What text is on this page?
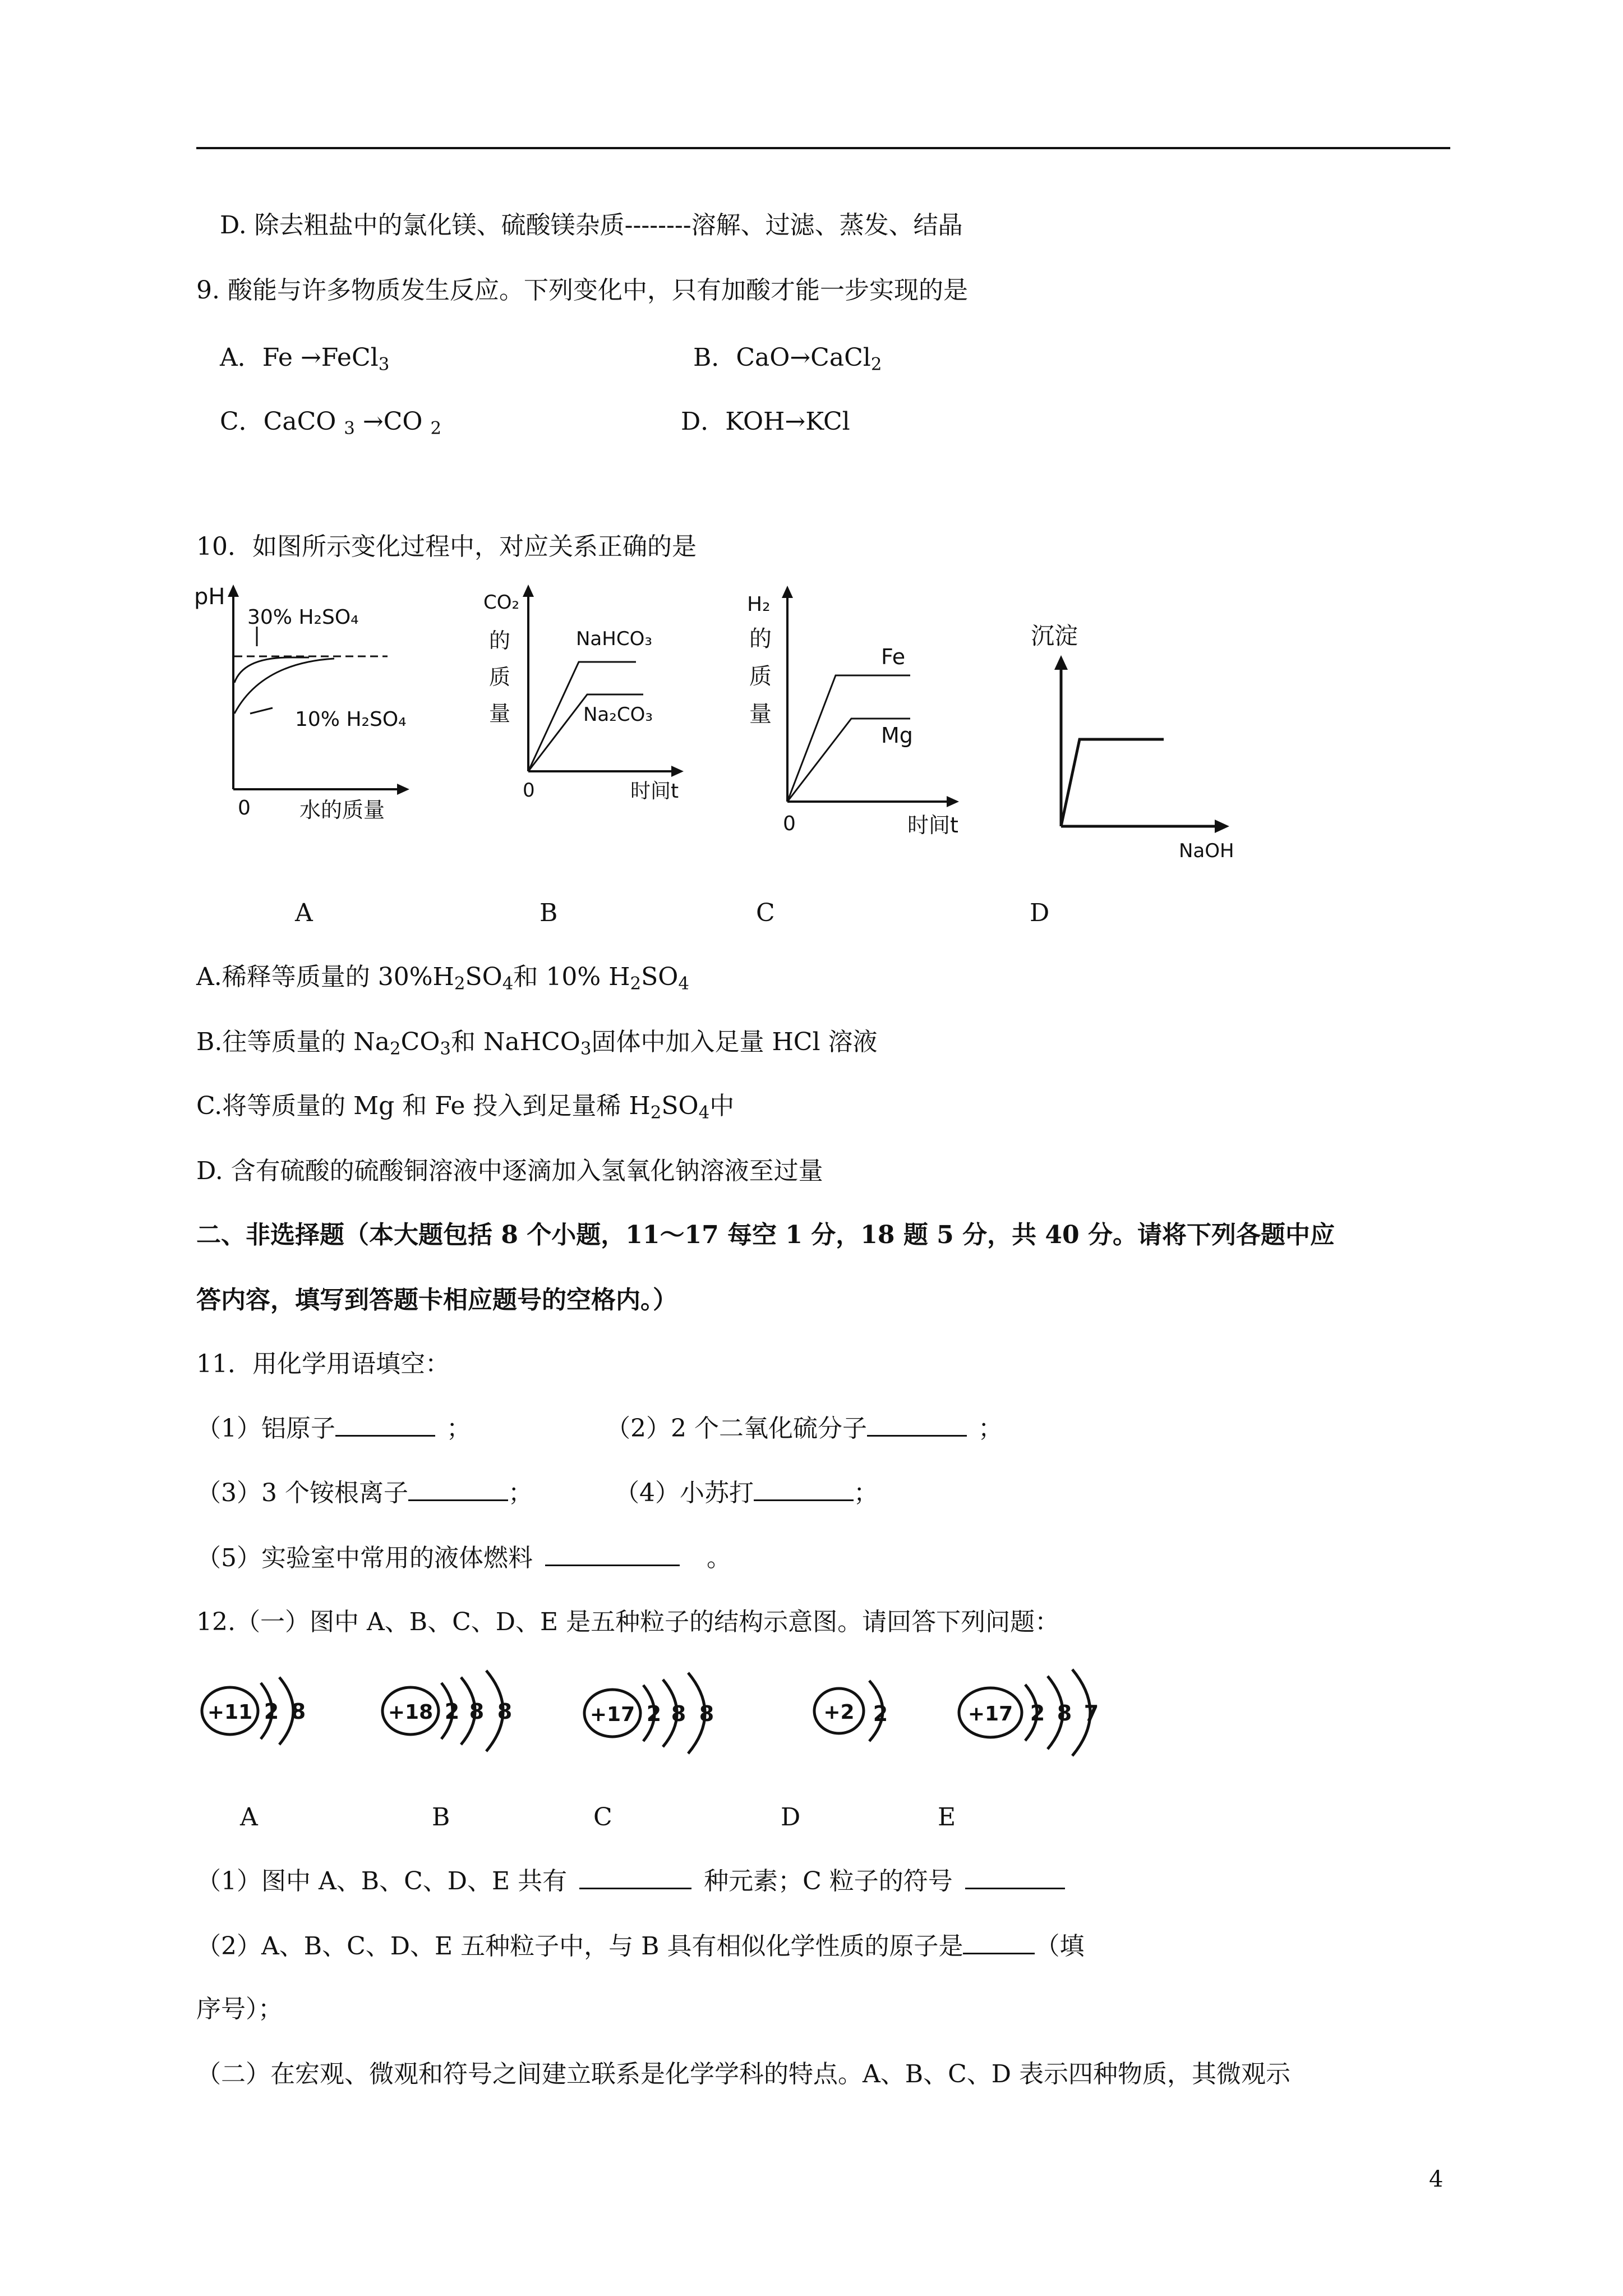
D. 除去粗盐中的氯化镁、硫酸镁杂质--------溶解、过滤、蒸发、结晶
9. 酸能与许多物质发生反应。下列变化中，只有加酸才能一步实现的是
A．Fe →FeCl$_3$	B．CaO→CaCl$_2$
C．CaCO $_3$ →CO $_2$	D．KOH→KCl
10．如图所示变化过程中，对应关系正确的是
pH
30% H₂SO₄
10% H₂SO₄
0 水的质量
CO₂
的
质
量
NaHCO₃
Na₂CO₃
0	时间t
H₂
的
质
量
Fe
Mg
0	时间t
沉淀
NaOH
A	B	C	D
A.稀释等质量的 $30\%H_2SO_4$和 10% $H_2SO_4$
B.往等质量的 $Na_2CO_3$和 NaHCO$_3$固体中加入足量 HCl 溶液
C.将等质量的 Mg 和 Fe 投入到足量稀 $H_2SO_4$中
D. 含有硫酸的硫酸铜溶液中逐滴加入氢氧化钠溶液至过量
二、非选择题（本大题包括 8 个小题，11～17 每空 1 分，18 题 5 分，共 40 分。请将下列各题中应
答内容，填写到答题卡相应题号的空格内。）
11．用化学用语填空：
（1）铝原子	；	（2）2 个二氧化硫分子	；
（3）3 个铵根离子	；	（4）小苏打	；
（5）实验室中常用的液体燃料	。
12.（一）图中 A、B、C、D、E 是五种粒子的结构示意图。请回答下列问题：
+11 2 8	+18 2 8 8	+17 2 8 8	+2 2	+17 2 8 7
A	B	C	D	E
（1）图中 A、B、C、D、E 共有	种元素；C 粒子的符号
（2）A、B、C、D、E 五种粒子中，与 B 具有相似化学性质的原子是	（填
序号）；
（二）在宏观、微观和符号之间建立联系是化学学科的特点。A、B、C、D 表示四种物质，其微观示
4
